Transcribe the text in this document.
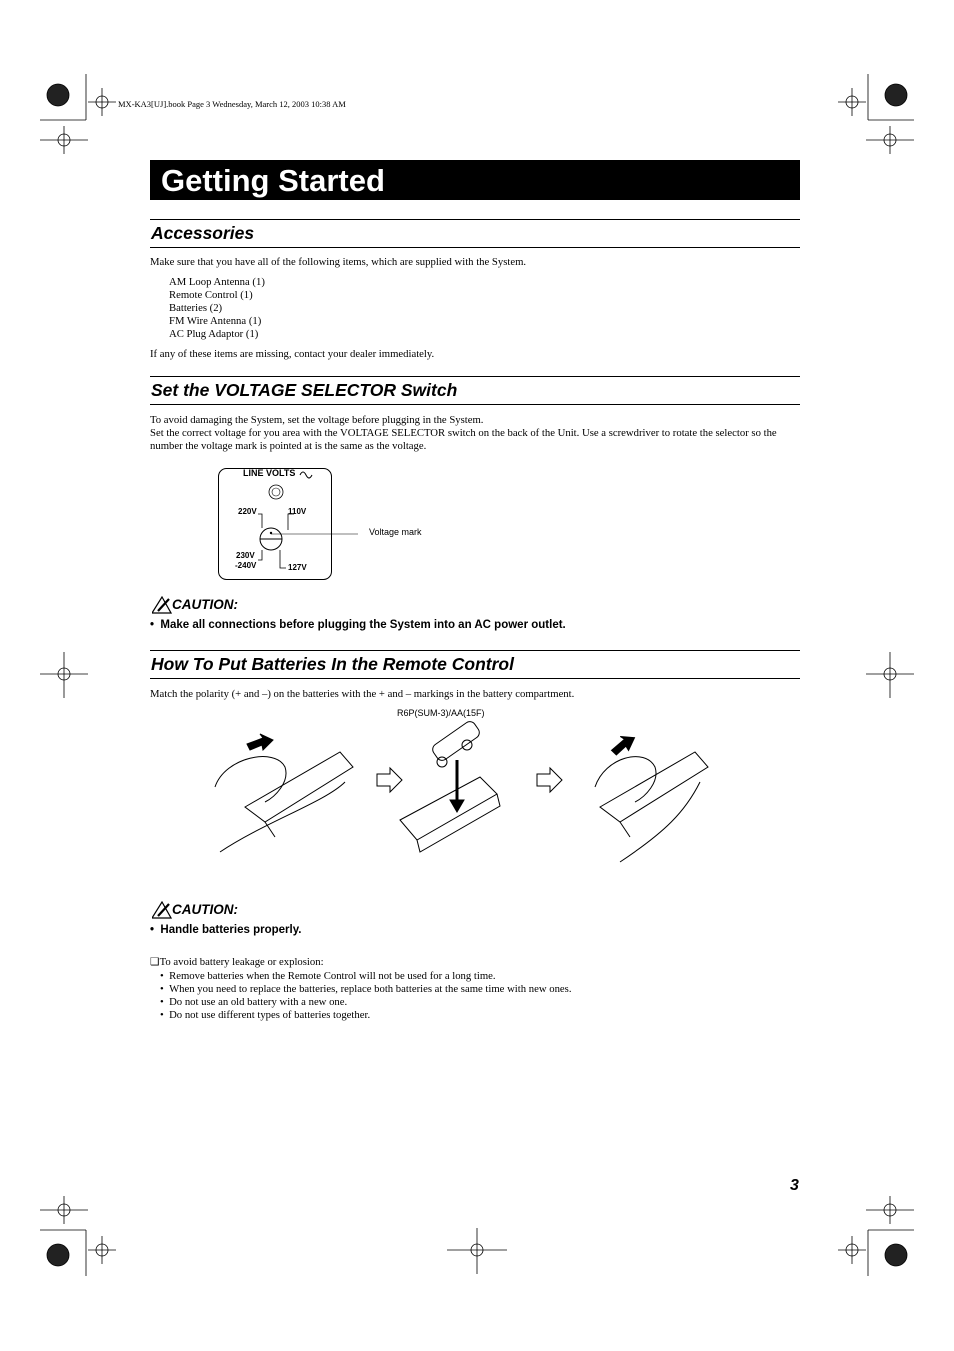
MX-KA3[UJ].book Page 3 Wednesday, March 12, 2003 10:38 AM
Getting Started
Accessories
Make sure that you have all of the following items, which are supplied with the System.
AM Loop Antenna (1)
Remote Control (1)
Batteries (2)
FM Wire Antenna (1)
AC Plug Adaptor (1)
If any of these items are missing, contact your dealer immediately.
Set the VOLTAGE SELECTOR Switch
To avoid damaging the System, set the voltage before plugging in the System.
Set the correct voltage for you area with the VOLTAGE SELECTOR switch on the back of the Unit. Use a screwdriver to rotate the selector so the number the voltage mark is pointed at is the same as the voltage.
LINE VOLTS
220V	110V
230V
-240V	127V
Voltage mark
CAUTION:
•  Make all connections before plugging the System into an AC power outlet.
How To Put Batteries In the Remote Control
Match the polarity (+ and –) on the batteries with the + and – markings in the battery compartment.
R6P(SUM-3)/AA(15F)
CAUTION:
•  Handle batteries properly.
❑To avoid battery leakage or explosion:
•  Remove batteries when the Remote Control will not be used for a long time.
•  When you need to replace the batteries, replace both batteries at the same time with new ones.
•  Do not use an old battery with a new one.
•  Do not use different types of batteries together.
3
